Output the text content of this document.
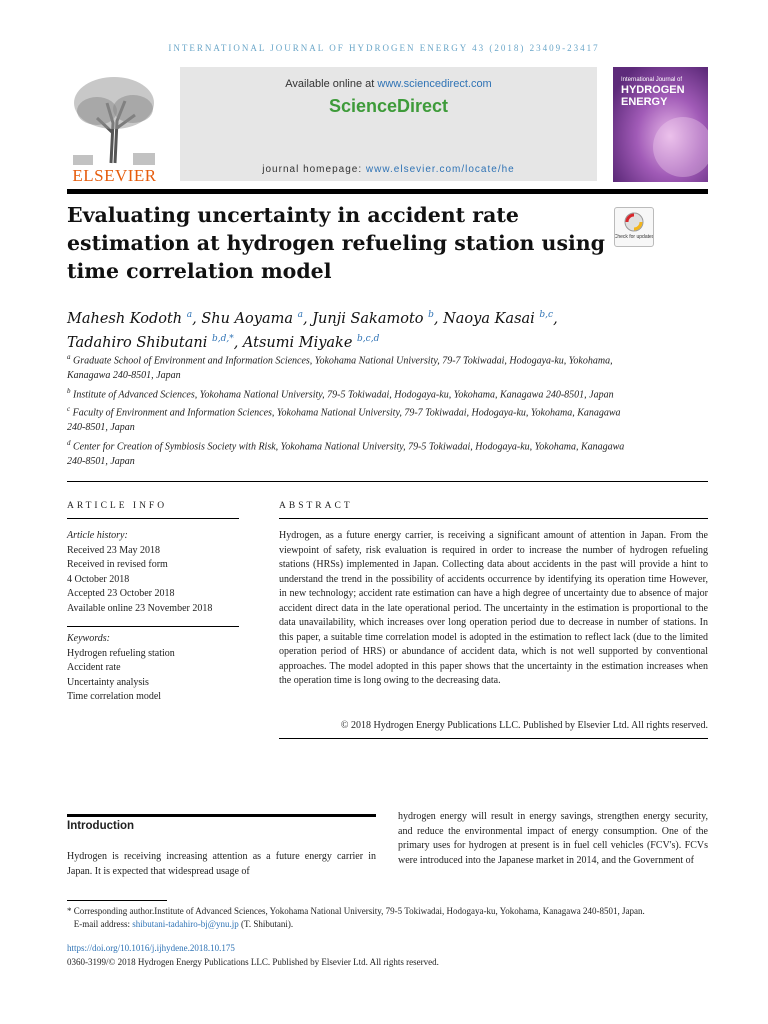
INTERNATIONAL JOURNAL OF HYDROGEN ENERGY 43 (2018) 23409-23417
ELSEVIER
Available online at www.sciencedirect.com
ScienceDirect
journal homepage: www.elsevier.com/locate/he
International Journal of
HYDROGEN
ENERGY
Evaluating uncertainty in accident rate estimation at hydrogen refueling station using time correlation model
Check for updates
Mahesh Kodoth $^a$, Shu Aoyama $^a$, Junji Sakamoto $^b$, Naoya Kasai $^{b,c}$,
Tadahiro Shibutani $^{b,d,*}$, Atsumi Miyake $^{b,c,d}$
$^a$ Graduate School of Environment and Information Sciences, Yokohama National University, 79-7 Tokiwadai, Hodogaya-ku, Yokohama, Kanagawa 240-8501, Japan
$^b$ Institute of Advanced Sciences, Yokohama National University, 79-5 Tokiwadai, Hodogaya-ku, Yokohama, Kanagawa 240-8501, Japan
$^c$ Faculty of Environment and Information Sciences, Yokohama National University, 79-7 Tokiwadai, Hodogaya-ku, Yokohama, Kanagawa 240-8501, Japan
$^d$ Center for Creation of Symbiosis Society with Risk, Yokohama National University, 79-5 Tokiwadai, Hodogaya-ku, Yokohama, Kanagawa 240-8501, Japan
ARTICLE INFO	ABSTRACT
Article history:
Received 23 May 2018
Received in revised form
4 October 2018
Accepted 23 October 2018
Available online 23 November 2018
Keywords:
Hydrogen refueling station
Accident rate
Uncertainty analysis
Time correlation model
Hydrogen, as a future energy carrier, is receiving a significant amount of attention in Japan. From the viewpoint of safety, risk evaluation is required in order to increase the number of hydrogen refueling stations (HRSs) implemented in Japan. Collecting data about accidents in the past will provide a hint to understand the trend in the possibility of accidents occurrence by identifying its operation time However, in new technology; accident rate estimation can have a high degree of uncertainty due to absence of major accident direct data in the late operational period. The uncertainty in the estimation is proportional to the data unavailability, which increases over long operation period due to decrease in number of stations. In this paper, a suitable time correlation model is adopted in the estimation to reflect lack (due to the limited operation period of HRS) or abundance of accident data, which is not well supported by conventional approaches. The model adopted in this paper shows that the uncertainty in the estimation increases when the operation time is long owing to the decreasing data.
© 2018 Hydrogen Energy Publications LLC. Published by Elsevier Ltd. All rights reserved.
Introduction
Hydrogen is receiving increasing attention as a future energy carrier in Japan. It is expected that widespread usage of
hydrogen energy will result in energy savings, strengthen energy security, and reduce the environmental impact of energy consumption. One of the primary uses for hydrogen at present is in fuel cell vehicles (FCV's). FCVs were introduced into the Japanese market in 2014, and the Government of
* Corresponding author.Institute of Advanced Sciences, Yokohama National University, 79-5 Tokiwadai, Hodogaya-ku, Yokohama, Kanagawa 240-8501, Japan.
E-mail address: shibutani-tadahiro-bj@ynu.jp (T. Shibutani).
https://doi.org/10.1016/j.ijhydene.2018.10.175
0360-3199/© 2018 Hydrogen Energy Publications LLC. Published by Elsevier Ltd. All rights reserved.
